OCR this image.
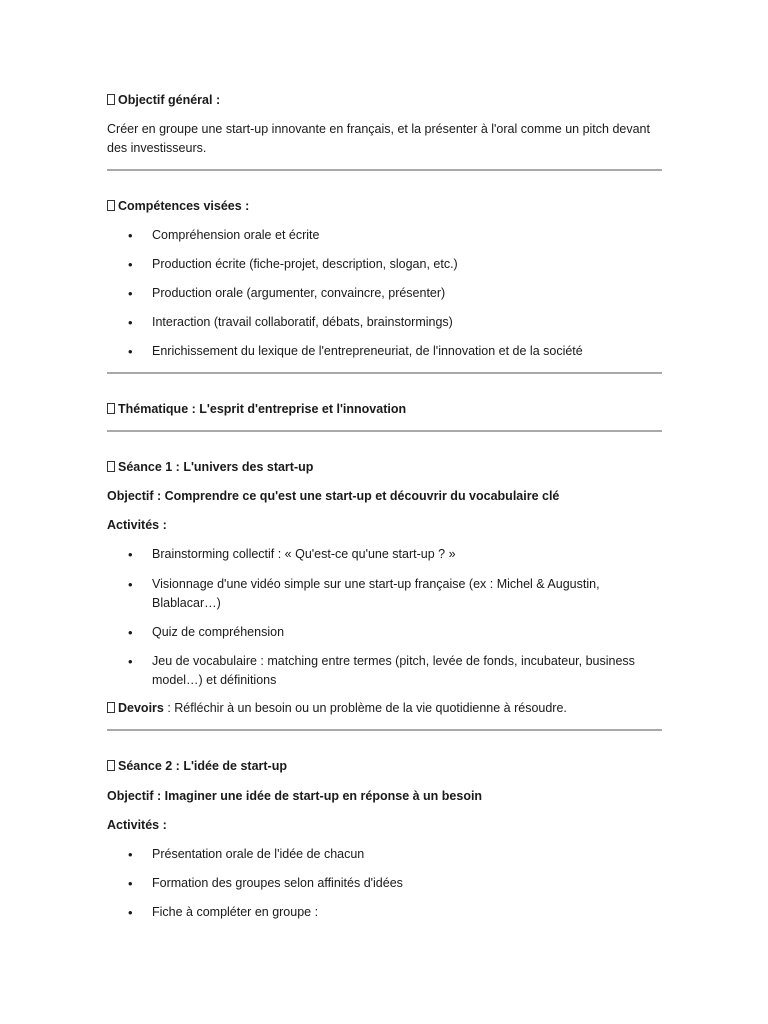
Objectif général :
Créer en groupe une start-up innovante en français, et la présenter à l'oral comme un pitch devant des investisseurs.
Compétences visées :
• Compréhension orale et écrite
• Production écrite (fiche-projet, description, slogan, etc.)
• Production orale (argumenter, convaincre, présenter)
• Interaction (travail collaboratif, débats, brainstormings)
• Enrichissement du lexique de l'entrepreneuriat, de l'innovation et de la société
Thématique : L'esprit d'entreprise et l'innovation
Séance 1 : L'univers des start-up
Objectif : Comprendre ce qu'est une start-up et découvrir du vocabulaire clé
Activités :
• Brainstorming collectif : « Qu'est-ce qu'une start-up ? »
• Visionnage d'une vidéo simple sur une start-up française (ex : Michel & Augustin, Blablacar…)
• Quiz de compréhension
• Jeu de vocabulaire : matching entre termes (pitch, levée de fonds, incubateur, business model…) et définitions
Devoirs : Réfléchir à un besoin ou un problème de la vie quotidienne à résoudre.
Séance 2 : L'idée de start-up
Objectif : Imaginer une idée de start-up en réponse à un besoin
Activités :
• Présentation orale de l'idée de chacun
• Formation des groupes selon affinités d'idées
• Fiche à compléter en groupe :
